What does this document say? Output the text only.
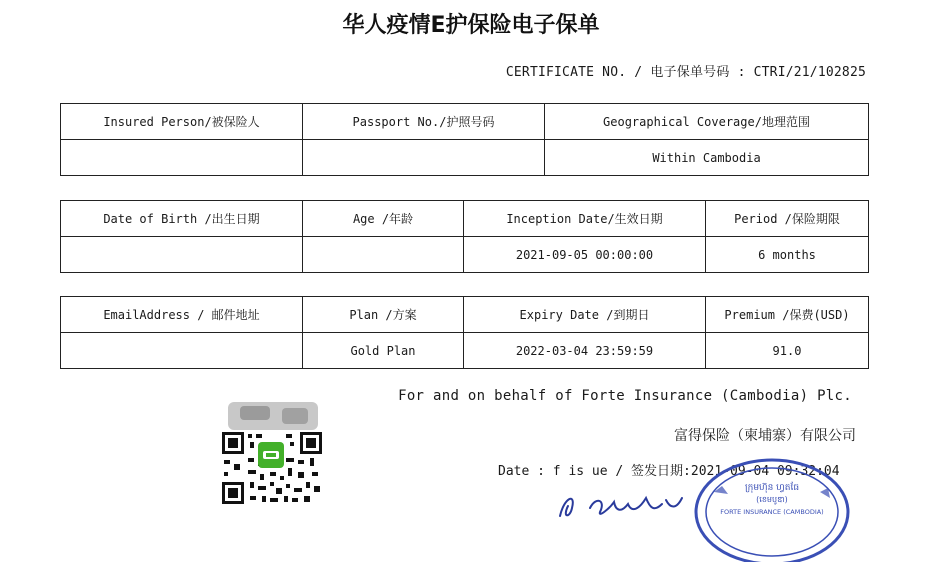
华人疫情E护保险电子保单
CERTIFICATE NO. / 电子保单号码 : CTRI/21/102825
Insured Person/被保险人	Passport No./护照号码	Geographical Coverage/地理范围
		Within Cambodia
Date of Birth /出生日期	Age /年龄	Inception Date/生效日期	Period /保险期限
		2021-09-05 00:00:00	6 months
EmailAddress / 邮件地址	Plan /方案	Expiry Date /到期日	Premium /保费(USD)
	Gold Plan	2022-03-04 23:59:59	91.0
For and on behalf of Forte Insurance (Cambodia) Plc.
富得保险（柬埔寨）有限公司
Date : f is ue / 签发日期:2021-09-04 09:32:04
ក្រុមហ៊ុន ហ្វតធែ
(ខេមបូឌា)
FORTE INSURANCE (CAMBODIA)
